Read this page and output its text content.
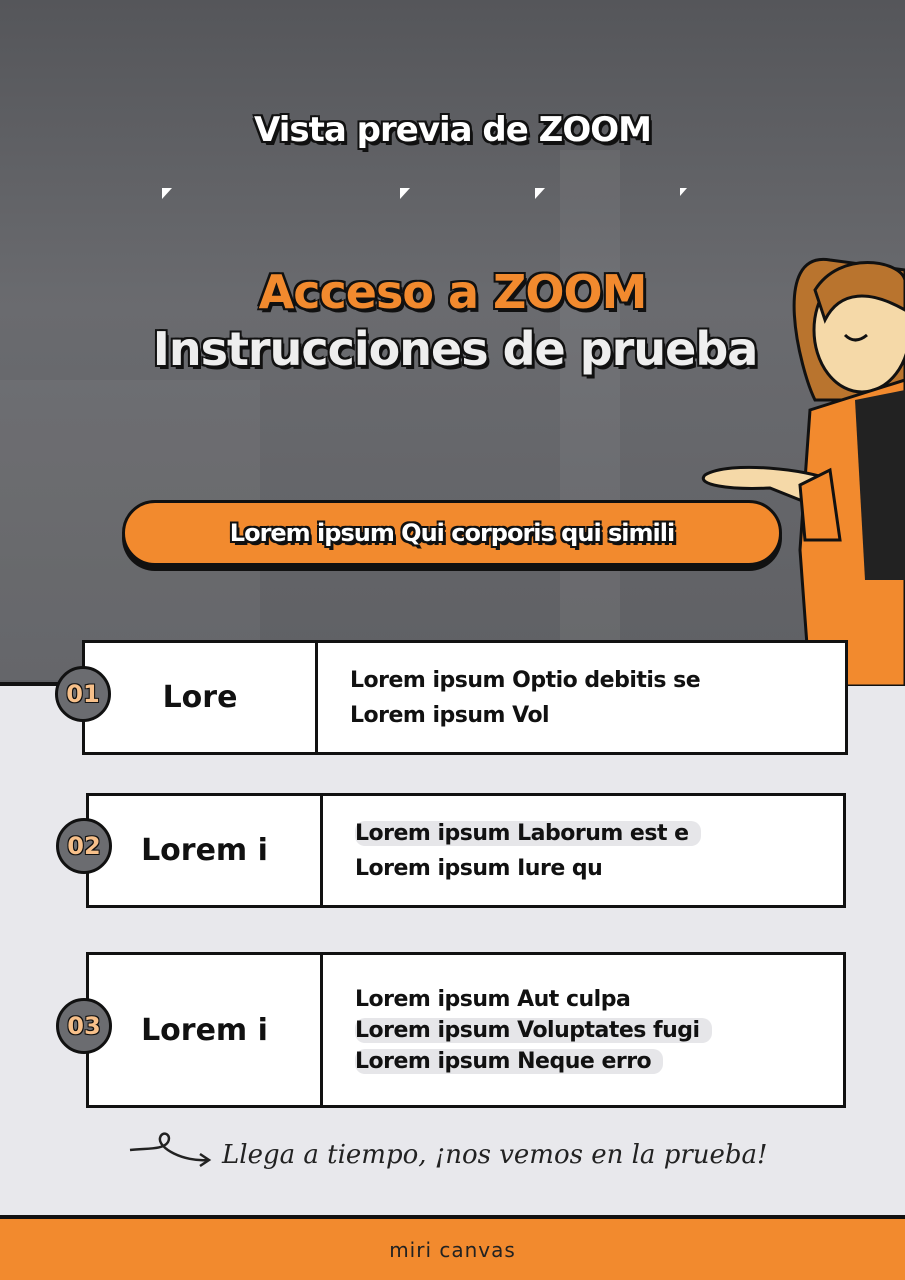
Vista previa de ZOOM
Acceso a ZOOM
Instrucciones de prueba
Lorem ipsum Qui corporis qui simili
Lore	Lorem ipsum Optio debitis se
Lorem ipsum Vol
01
Lorem i	Lorem ipsum Laborum est e
Lorem ipsum Iure qu
02
Lorem i
Lorem ipsum Aut culpa
Lorem ipsum Voluptates fugi
Lorem ipsum Neque erro
03
Llega a tiempo, ¡nos vemos en la prueba!
miri canvas
